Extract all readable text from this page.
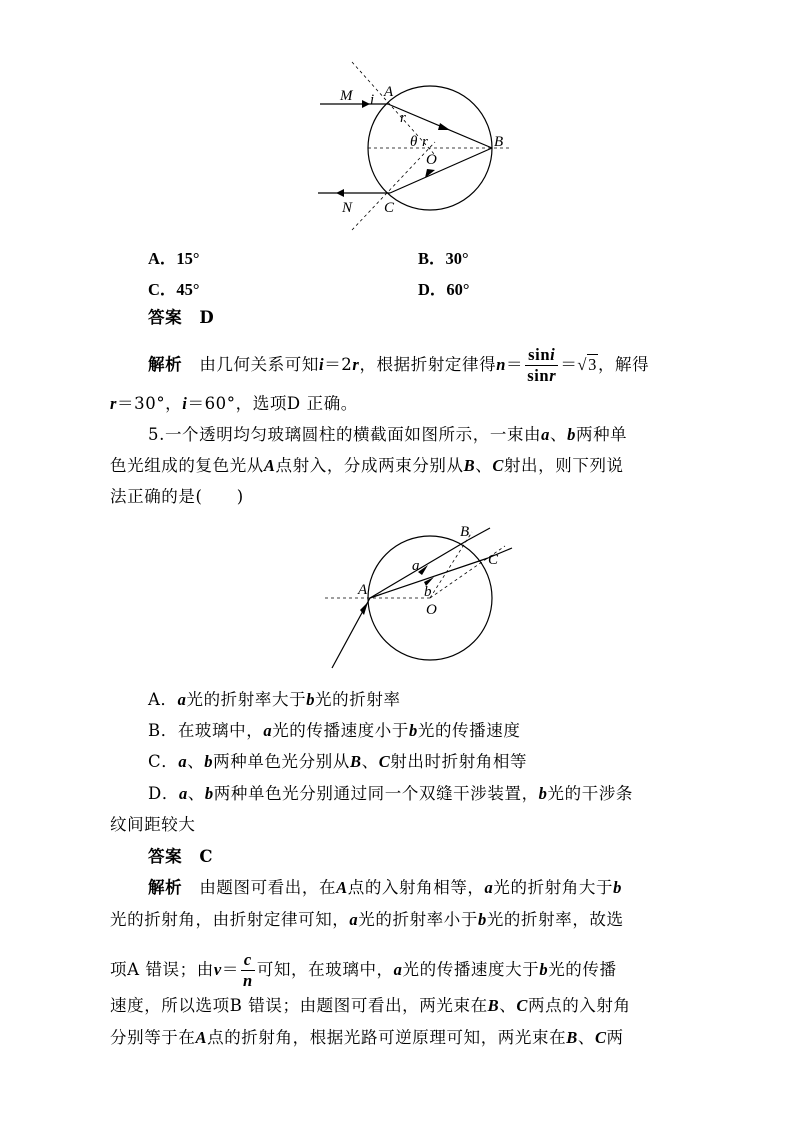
M A
i
r
θ r
O
B
N C
A．15°	B．30°
C．45°	D．60°
答案　 D
解析　 由几何关系可知i＝2r，根据折射定律得$n= \frac{\sin i}{\sin r} =√3$，解得
r＝30°，i＝60°，选项D 正确。
5.一个透明均匀玻璃圆柱的横截面如图所示，一束由a、b两种单
色光组成的复色光从A点射入，分成两束分别从B、C射出，则下列说
法正确的是(　　)
B
C
a
A	b
O
A．a光的折射率大于b光的折射率
B．在玻璃中，a光的传播速度小于b光的传播速度
C．a、b两种单色光分别从B、C射出时折射角相等
D．a、b两种单色光分别通过同一个双缝干涉装置，b光的干涉条
纹间距较大
答案　 C
解析　 由题图可看出，在A点的入射角相等，a光的折射角大于b
光的折射角，由折射定律可知，a光的折射率小于b光的折射率，故选
项A 错误；由$v= \frac{c}{n}$ 可知，在玻璃中，a光的传播速度大于b光的传播
速度，所以选项B 错误；由题图可看出，两光束在B、C两点的入射角
分别等于在A点的折射角，根据光路可逆原理可知，两光束在B、C两
